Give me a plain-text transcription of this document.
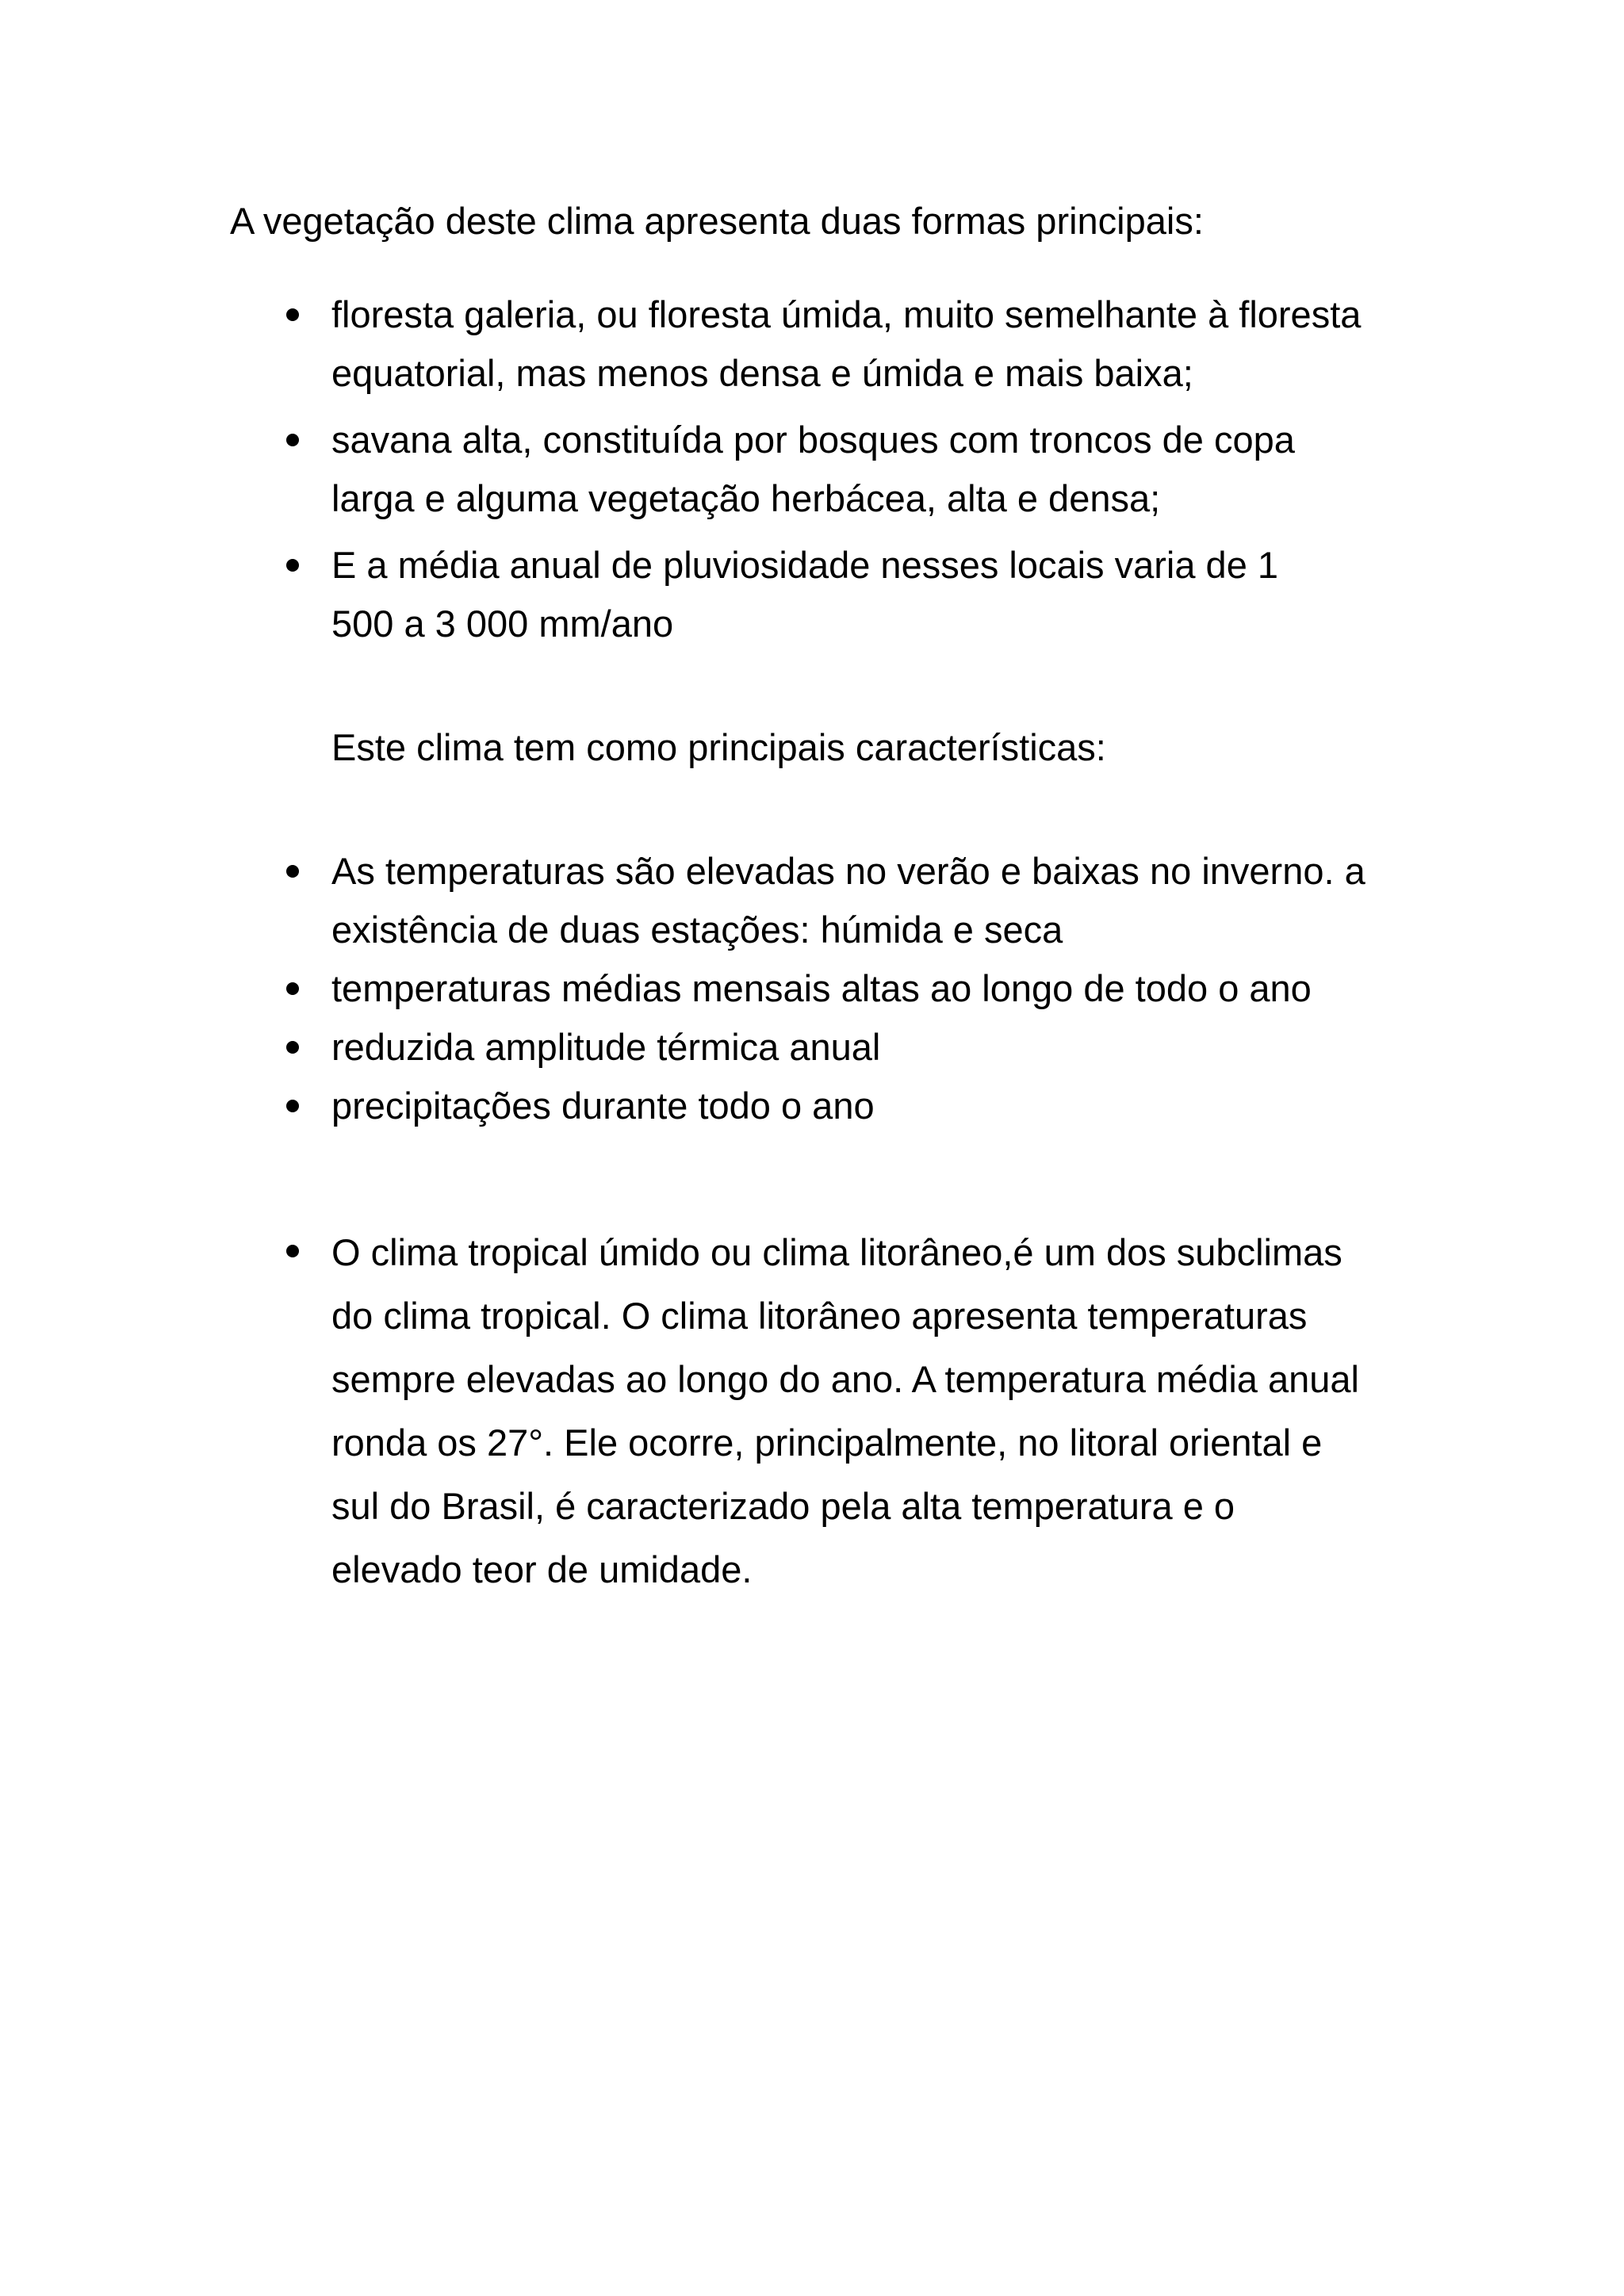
A vegetação deste clima apresenta duas formas principais:

floresta galeria, ou floresta úmida, muito semelhante à floresta equatorial, mas menos densa e úmida e mais baixa;
savana alta, constituída por bosques com troncos de copa larga e alguma vegetação herbácea, alta e densa;
E a média anual de pluviosidade nesses locais varia de 1 500 a 3 000 mm/ano

Este clima tem como principais características:

As temperaturas são elevadas no verão e baixas no inverno. a existência de duas estações: húmida e seca
temperaturas médias mensais altas ao longo de todo o ano
reduzida amplitude térmica anual
precipitações durante todo o ano
O clima tropical úmido ou clima litorâneo,é um dos subclimas do clima tropical. O clima litorâneo apresenta temperaturas sempre elevadas ao longo do ano. A temperatura média anual ronda os 27°. Ele ocorre, principalmente, no litoral oriental e sul do Brasil, é caracterizado pela alta temperatura e o elevado teor de umidade.
